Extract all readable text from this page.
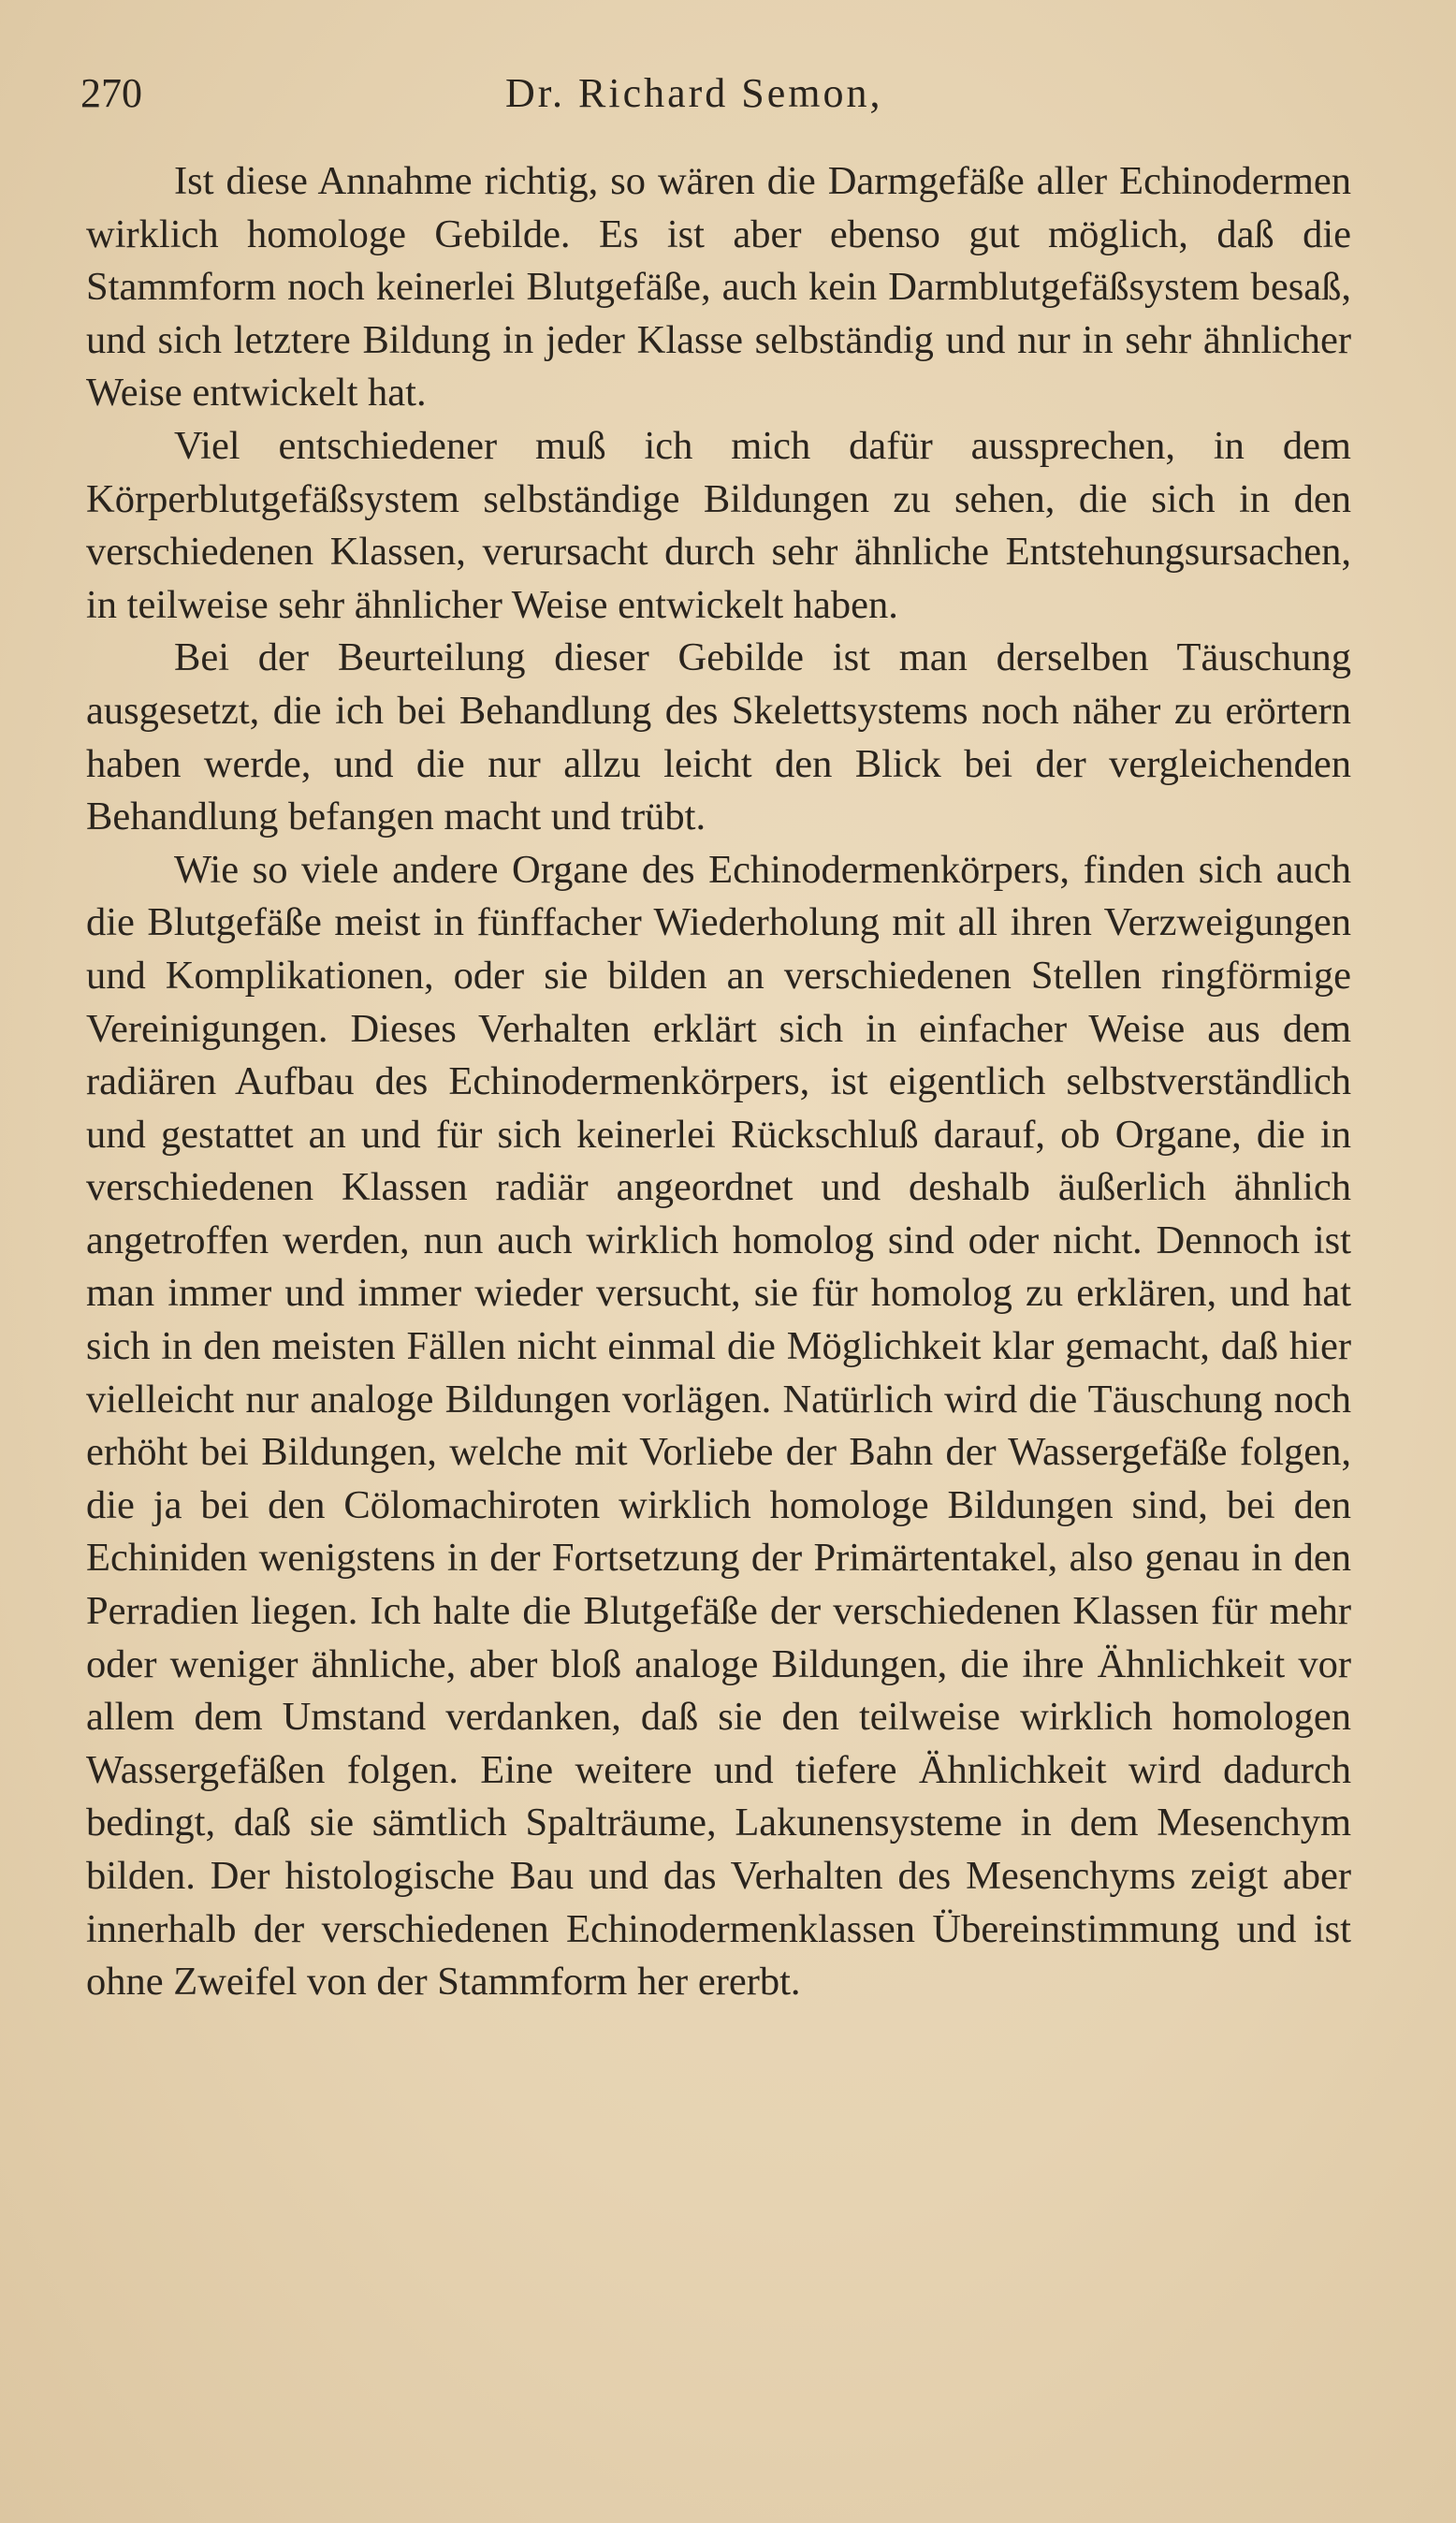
270	Dr. Richard Semon,

Ist diese Annahme richtig, so wären die Darmgefäße aller Echinodermen wirklich homologe Gebilde. Es ist aber ebenso gut möglich, daß die Stammform noch keinerlei Blutgefäße, auch kein Darmblutgefäßsystem besaß, und sich letztere Bildung in jeder Klasse selbständig und nur in sehr ähnlicher Weise entwickelt hat.

Viel entschiedener muß ich mich dafür aussprechen, in dem Körperblutgefäßsystem selbständige Bildungen zu sehen, die sich in den verschiedenen Klassen, verursacht durch sehr ähnliche Entstehungsursachen, in teilweise sehr ähnlicher Weise entwickelt haben.

Bei der Beurteilung dieser Gebilde ist man derselben Täuschung ausgesetzt, die ich bei Behandlung des Skelettsystems noch näher zu erörtern haben werde, und die nur allzu leicht den Blick bei der vergleichenden Behandlung befangen macht und trübt.

Wie so viele andere Organe des Echinodermenkörpers, finden sich auch die Blutgefäße meist in fünffacher Wiederholung mit all ihren Verzweigungen und Komplikationen, oder sie bilden an verschiedenen Stellen ringförmige Vereinigungen. Dieses Verhalten erklärt sich in einfacher Weise aus dem radiären Aufbau des Echinodermenkörpers, ist eigentlich selbstverständlich und gestattet an und für sich keinerlei Rückschluß darauf, ob Organe, die in verschiedenen Klassen radiär angeordnet und deshalb äußerlich ähnlich angetroffen werden, nun auch wirklich homolog sind oder nicht. Dennoch ist man immer und immer wieder versucht, sie für homolog zu erklären, und hat sich in den meisten Fällen nicht einmal die Möglichkeit klar gemacht, daß hier vielleicht nur analoge Bildungen vorlägen. Natürlich wird die Täuschung noch erhöht bei Bildungen, welche mit Vorliebe der Bahn der Wassergefäße folgen, die ja bei den Cölomachiroten wirklich homologe Bildungen sind, bei den Echiniden wenigstens in der Fortsetzung der Primärtentakel, also genau in den Perradien liegen. Ich halte die Blutgefäße der verschiedenen Klassen für mehr oder weniger ähnliche, aber bloß analoge Bildungen, die ihre Ähnlichkeit vor allem dem Umstand verdanken, daß sie den teilweise wirklich homologen Wassergefäßen folgen. Eine weitere und tiefere Ähnlichkeit wird dadurch bedingt, daß sie sämtlich Spalträume, Lakunensysteme in dem Mesenchym bilden. Der histologische Bau und das Verhalten des Mesenchyms zeigt aber innerhalb der verschiedenen Echinodermenklassen Übereinstimmung und ist ohne Zweifel von der Stammform her ererbt.
